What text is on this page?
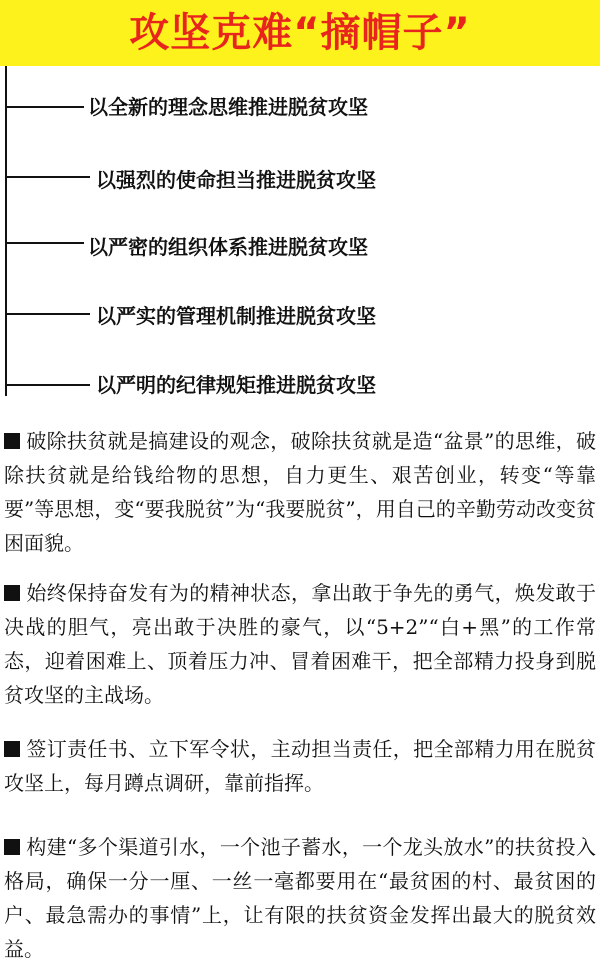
攻坚克难“摘帽子”
以全新的理念思维推进脱贫攻坚
以强烈的使命担当推进脱贫攻坚
以严密的组织体系推进脱贫攻坚
以严实的管理机制推进脱贫攻坚
以严明的纪律规矩推进脱贫攻坚
破除扶贫就是搞建设的观念，破除扶贫就是造“盆景”的思维，破除扶贫就是给钱给物的思想，自力更生、艰苦创业，转变“等靠要”等思想，变“要我脱贫”为“我要脱贫”，用自己的辛勤劳动改变贫困面貌。
始终保持奋发有为的精神状态，拿出敢于争先的勇气，焕发敢于决战的胆气，亮出敢于决胜的豪气，以“5+2”“白+黑”的工作常态，迎着困难上、顶着压力冲、冒着困难干，把全部精力投身到脱贫攻坚的主战场。
签订责任书、立下军令状，主动担当责任，把全部精力用在脱贫攻坚上，每月蹲点调研，靠前指挥。
构建“多个渠道引水，一个池子蓄水，一个龙头放水”的扶贫投入格局，确保一分一厘、一丝一毫都要用在“最贫困的村、最贫困的户、最急需办的事情”上，让有限的扶贫资金发挥出最大的脱贫效益。
